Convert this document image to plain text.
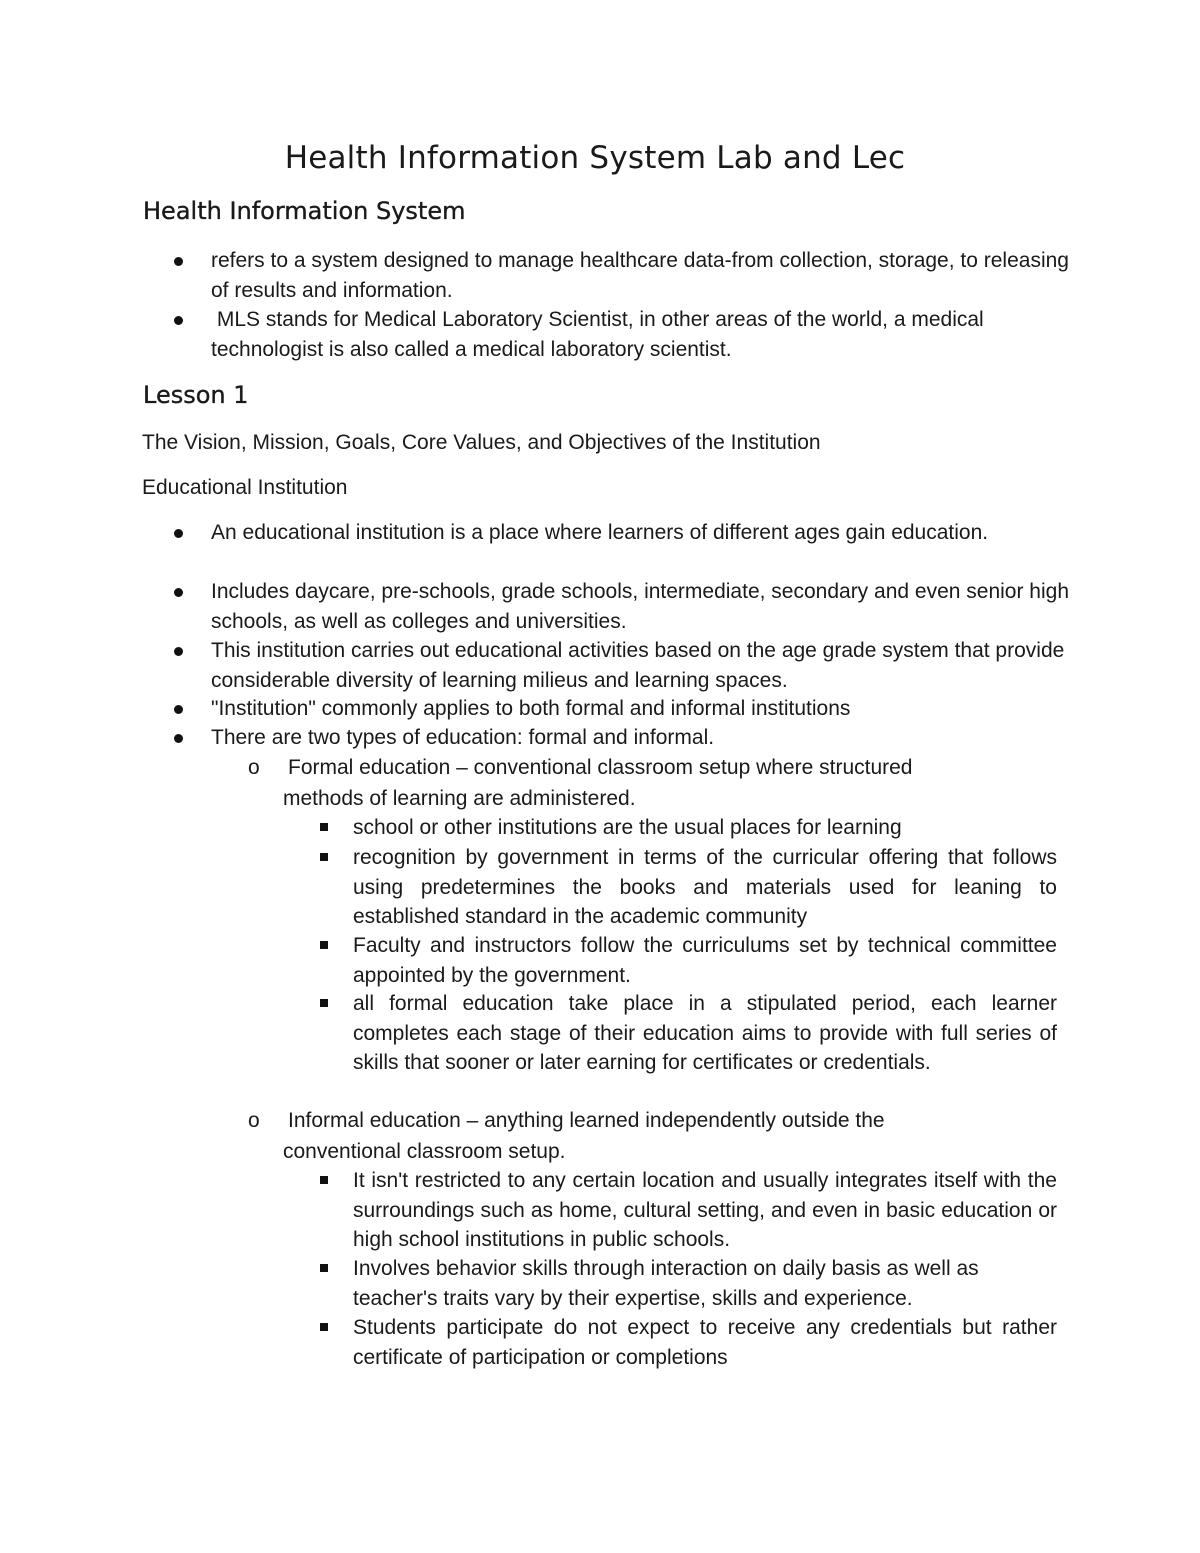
Health Information System Lab and Lec
Health Information System
refers to a system designed to manage healthcare data-from collection, storage, to releasing of results and information.
MLS stands for Medical Laboratory Scientist, in other areas of the world, a medical technologist is also called a medical laboratory scientist.
Lesson 1

The Vision, Mission, Goals, Core Values, and Objectives of the Institution

Educational Institution

An educational institution is a place where learners of different ages gain education.
Includes daycare, pre-schools, grade schools, intermediate, secondary and even senior high schools, as well as colleges and universities.
This institution carries out educational activities based on the age grade system that provide considerable diversity of learning milieus and learning spaces.
"Institution" commonly applies to both formal and informal institutions
There are two types of education: formal and informal.
o Formal education – conventional classroom setup where structured
methods of learning are administered.
school or other institutions are the usual places for learning
recognition by government in terms of the curricular offering that follows using predetermines the books and materials used for leaning to established standard in the academic community
Faculty and instructors follow the curriculums set by technical committee appointed by the government.
all formal education take place in a stipulated period, each learner completes each stage of their education aims to provide with full series of skills that sooner or later earning for certificates or credentials.
o Informal education – anything learned independently outside the
conventional classroom setup.
It isn't restricted to any certain location and usually integrates itself with the surroundings such as home, cultural setting, and even in basic education or high school institutions in public schools.
Involves behavior skills through interaction on daily basis as well as teacher's traits vary by their expertise, skills and experience.
Students participate do not expect to receive any credentials but rather certificate of participation or completions
